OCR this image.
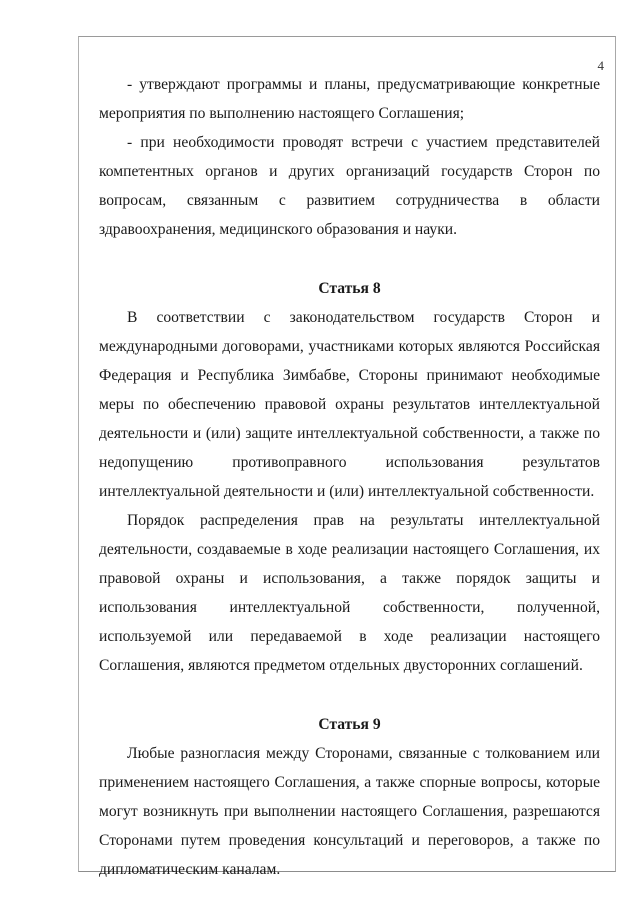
4

- утверждают программы и планы, предусматривающие конкретные мероприятия по выполнению настоящего Соглашения;

- при необходимости проводят встречи с участием представителей компетентных органов и других организаций государств Сторон по вопросам, связанным с развитием сотрудничества в области здравоохранения, медицинского образования и науки.

Статья 8

В соответствии с законодательством государств Сторон и международными договорами, участниками которых являются Российская Федерация и Республика Зимбабве, Стороны принимают необходимые меры по обеспечению правовой охраны результатов интеллектуальной деятельности и (или) защите интеллектуальной собственности, а также по недопущению противоправного использования результатов интеллектуальной деятельности и (или) интеллектуальной собственности.

Порядок распределения прав на результаты интеллектуальной деятельности, создаваемые в ходе реализации настоящего Соглашения, их правовой охраны и использования, а также порядок защиты и использования интеллектуальной собственности, полученной, используемой или передаваемой в ходе реализации настоящего Соглашения, являются предметом отдельных двусторонних соглашений.

Статья 9

Любые разногласия между Сторонами, связанные с толкованием или применением настоящего Соглашения, а также спорные вопросы, которые могут возникнуть при выполнении настоящего Соглашения, разрешаются Сторонами путем проведения консультаций и переговоров, а также по дипломатическим каналам.
